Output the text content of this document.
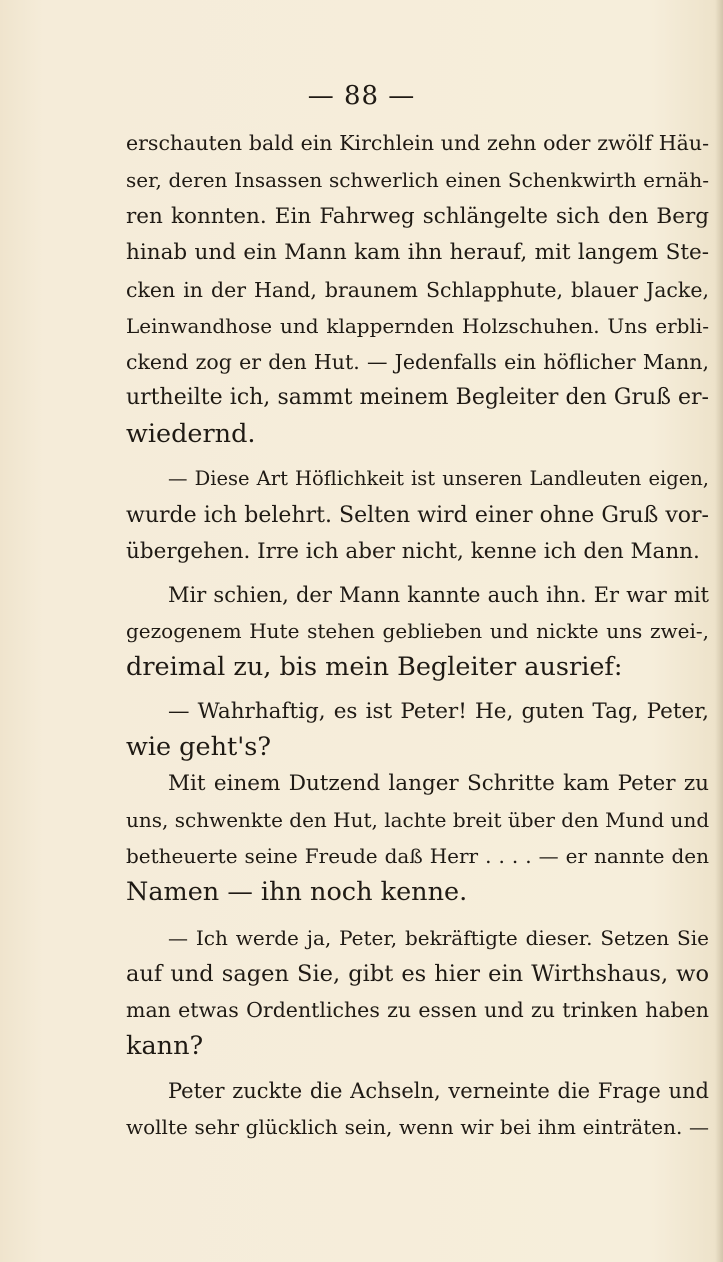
— 88 —
erschauten bald ein Kirchlein und zehn oder zwölf Häu-
ser, deren Insassen schwerlich einen Schenkwirth ernäh-
ren konnten. Ein Fahrweg schlängelte sich den Berg
hinab und ein Mann kam ihn herauf, mit langem Ste-
cken in der Hand, braunem Schlapphute, blauer Jacke,
Leinwandhose und klappernden Holzschuhen. Uns erbli-
ckend zog er den Hut. — Jedenfalls ein höflicher Mann,
urtheilte ich, sammt meinem Begleiter den Gruß er-
wiedernd.
— Diese Art Höflichkeit ist unseren Landleuten eigen,
wurde ich belehrt. Selten wird einer ohne Gruß vor-
übergehen. Irre ich aber nicht, kenne ich den Mann.
Mir schien, der Mann kannte auch ihn. Er war mit
gezogenem Hute stehen geblieben und nickte uns zwei-,
dreimal zu, bis mein Begleiter ausrief:
— Wahrhaftig, es ist Peter! He, guten Tag, Peter,
wie geht's?
Mit einem Dutzend langer Schritte kam Peter zu
uns, schwenkte den Hut, lachte breit über den Mund und
betheuerte seine Freude daß Herr . . . . — er nannte den
Namen — ihn noch kenne.
— Ich werde ja, Peter, bekräftigte dieser. Setzen Sie
auf und sagen Sie, gibt es hier ein Wirthshaus, wo
man etwas Ordentliches zu essen und zu trinken haben
kann?
Peter zuckte die Achseln, verneinte die Frage und
wollte sehr glücklich sein, wenn wir bei ihm einträten. —
